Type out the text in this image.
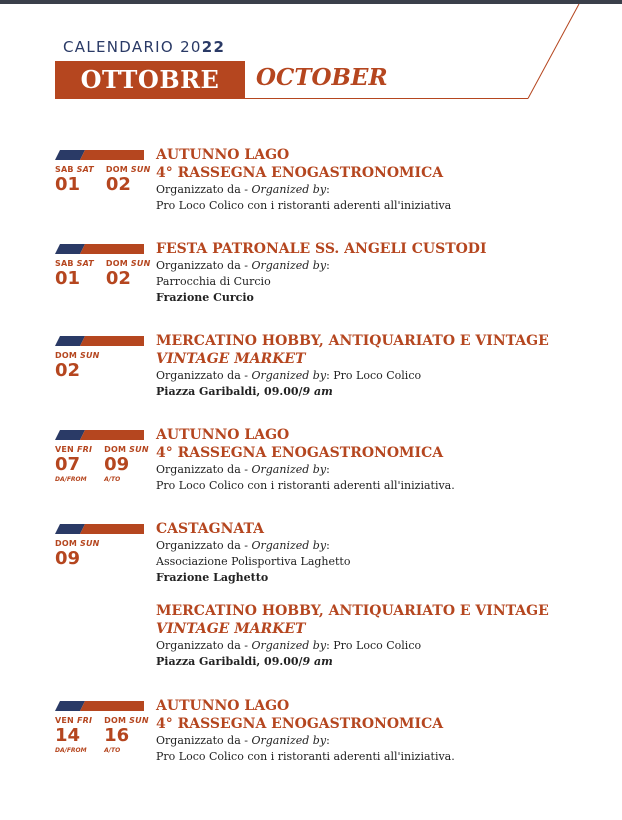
CALENDARIO 2022
OTTOBRE OCTOBER
SAB SAT
01
DOM SUN
02
AUTUNNO LAGO
4° RASSEGNA ENOGASTRONOMICA
Organizzato da - Organized by:
Pro Loco Colico con i ristoranti aderenti all'iniziativa
SAB SAT
01
DOM SUN
02
FESTA PATRONALE SS. ANGELI CUSTODI
Organizzato da - Organized by:
Parrocchia di Curcio
Frazione Curcio
DOM SUN
02
MERCATINO HOBBY, ANTIQUARIATO E VINTAGE
VINTAGE MARKET
Organizzato da - Organized by: Pro Loco Colico
Piazza Garibaldi, 09.00/9 am
VEN FRI
07
DA/FROM
DOM SUN
09
A/TO
AUTUNNO LAGO
4° RASSEGNA ENOGASTRONOMICA
Organizzato da - Organized by:
Pro Loco Colico con i ristoranti aderenti all'iniziativa.
DOM SUN
09
CASTAGNATA
Organizzato da - Organized by:
Associazione Polisportiva Laghetto
Frazione Laghetto
MERCATINO HOBBY, ANTIQUARIATO E VINTAGE
VINTAGE MARKET
Organizzato da - Organized by: Pro Loco Colico
Piazza Garibaldi, 09.00/9 am
VEN FRI
14
DA/FROM
DOM SUN
16
A/TO
AUTUNNO LAGO
4° RASSEGNA ENOGASTRONOMICA
Organizzato da - Organized by:
Pro Loco Colico con i ristoranti aderenti all'iniziativa.
